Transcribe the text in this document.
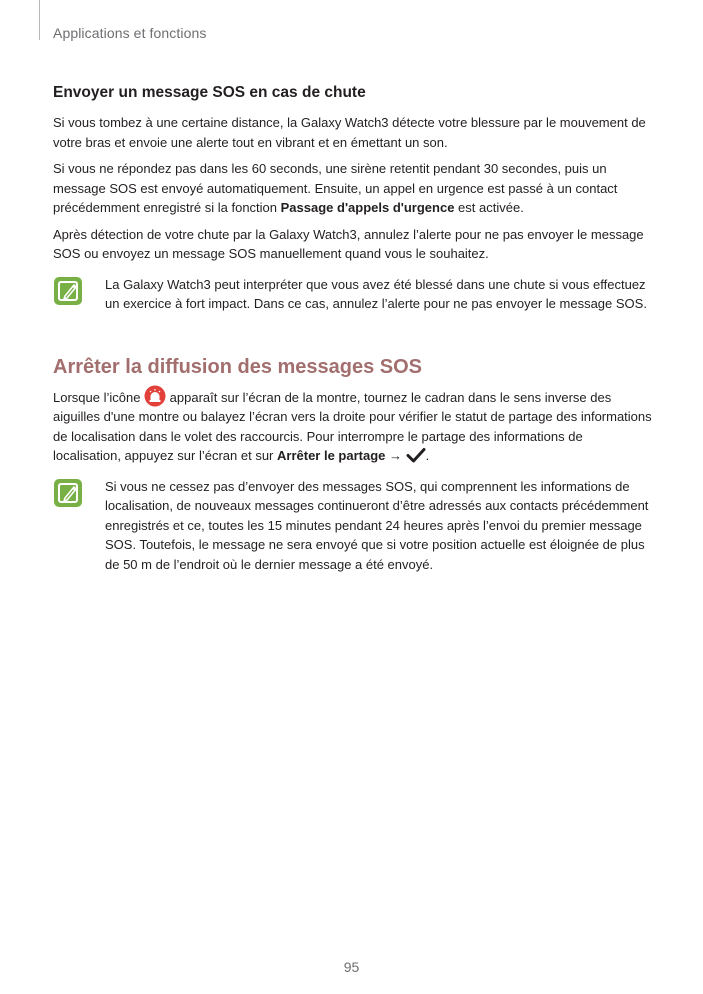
Applications et fonctions
Envoyer un message SOS en cas de chute

Si vous tombez à une certaine distance, la Galaxy Watch3 détecte votre blessure par le mouvement de votre bras et envoie une alerte tout en vibrant et en émettant un son.

Si vous ne répondez pas dans les 60 seconds, une sirène retentit pendant 30 secondes, puis un message SOS est envoyé automatiquement. Ensuite, un appel en urgence est passé à un contact précédemment enregistré si la fonction Passage d'appels d'urgence est activée.

Après détection de votre chute par la Galaxy Watch3, annulez l’alerte pour ne pas envoyer le message SOS ou envoyez un message SOS manuellement quand vous le souhaitez.

La Galaxy Watch3 peut interpréter que vous avez été blessé dans une chute si vous effectuez un exercice à fort impact. Dans ce cas, annulez l’alerte pour ne pas envoyer le message SOS.
Arrêter la diffusion des messages SOS

Lorsque l’icône  apparaît sur l’écran de la montre, tournez le cadran dans le sens inverse des aiguilles d'une montre ou balayez l’écran vers la droite pour vérifier le statut de partage des informations de localisation dans le volet des raccourcis. Pour interrompre le partage des informations de localisation, appuyez sur l’écran et sur Arrêter le partage → .

Si vous ne cessez pas d’envoyer des messages SOS, qui comprennent les informations de localisation, de nouveaux messages continueront d’être adressés aux contacts précédemment enregistrés et ce, toutes les 15 minutes pendant 24 heures après l’envoi du premier message SOS. Toutefois, le message ne sera envoyé que si votre position actuelle est éloignée de plus de 50 m de l’endroit où le dernier message a été envoyé.
95
